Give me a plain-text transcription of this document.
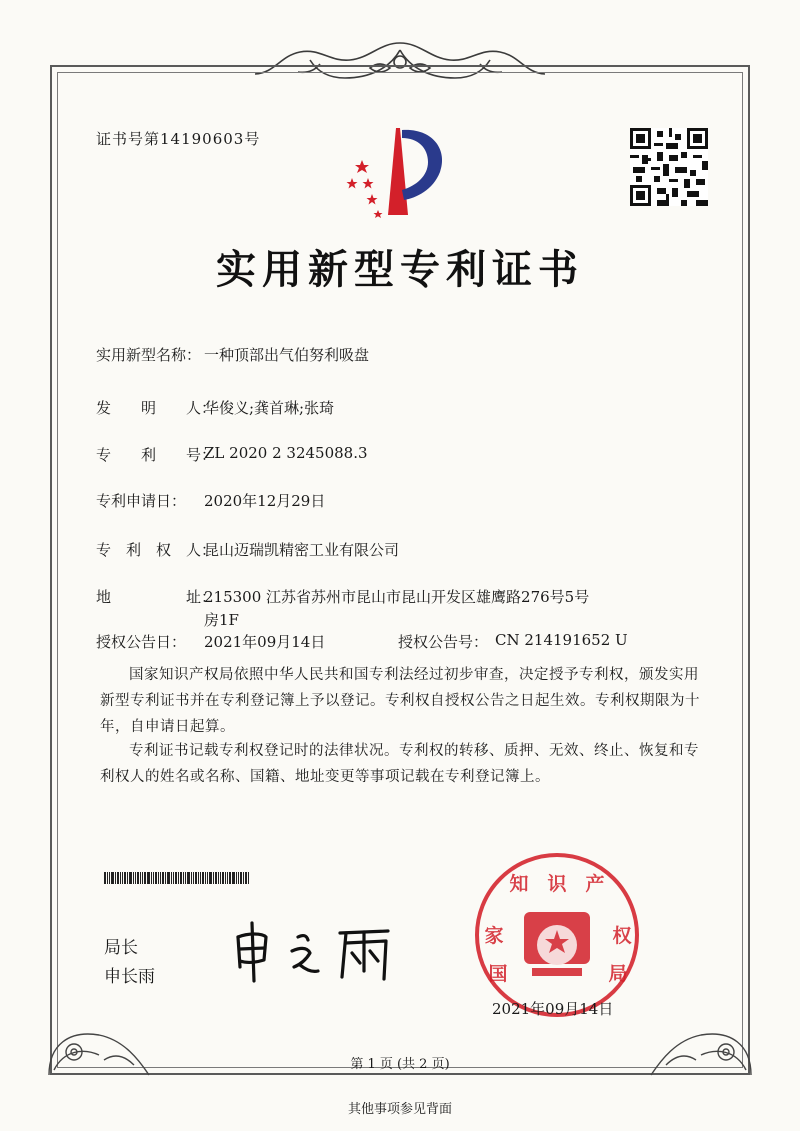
证书号第14190603号
实用新型专利证书
实用新型名称： 一种顶部出气伯努利吸盘
发　　明　　人：
华俊义;龚首琳;张琦
专　　利　　号：
ZL 2020 2 3245088.3
专利申请日： 2020年12月29日
专　利　权　人：
昆山迈瑞凯精密工业有限公司
地　　　　　址：
215300 江苏省苏州市昆山市昆山开发区雄鹰路276号5号
房1F
授权公告日： 2021年09月14日	授权公告号： CN 214191652 U
国家知识产权局依照中华人民共和国专利法经过初步审查，决定授予专利权，颁发实用新型专利证书并在专利登记簿上予以登记。专利权自授权公告之日起生效。专利权期限为十年，自申请日起算。
专利证书记载专利权登记时的法律状况。专利权的转移、质押、无效、终止、恢复和专利权人的姓名或名称、国籍、地址变更等事项记载在专利登记簿上。
局长
申长雨
知　识　产
家
国
权
局
2021年09月14日
第 1 页 (共 2 页)
其他事项参见背面
